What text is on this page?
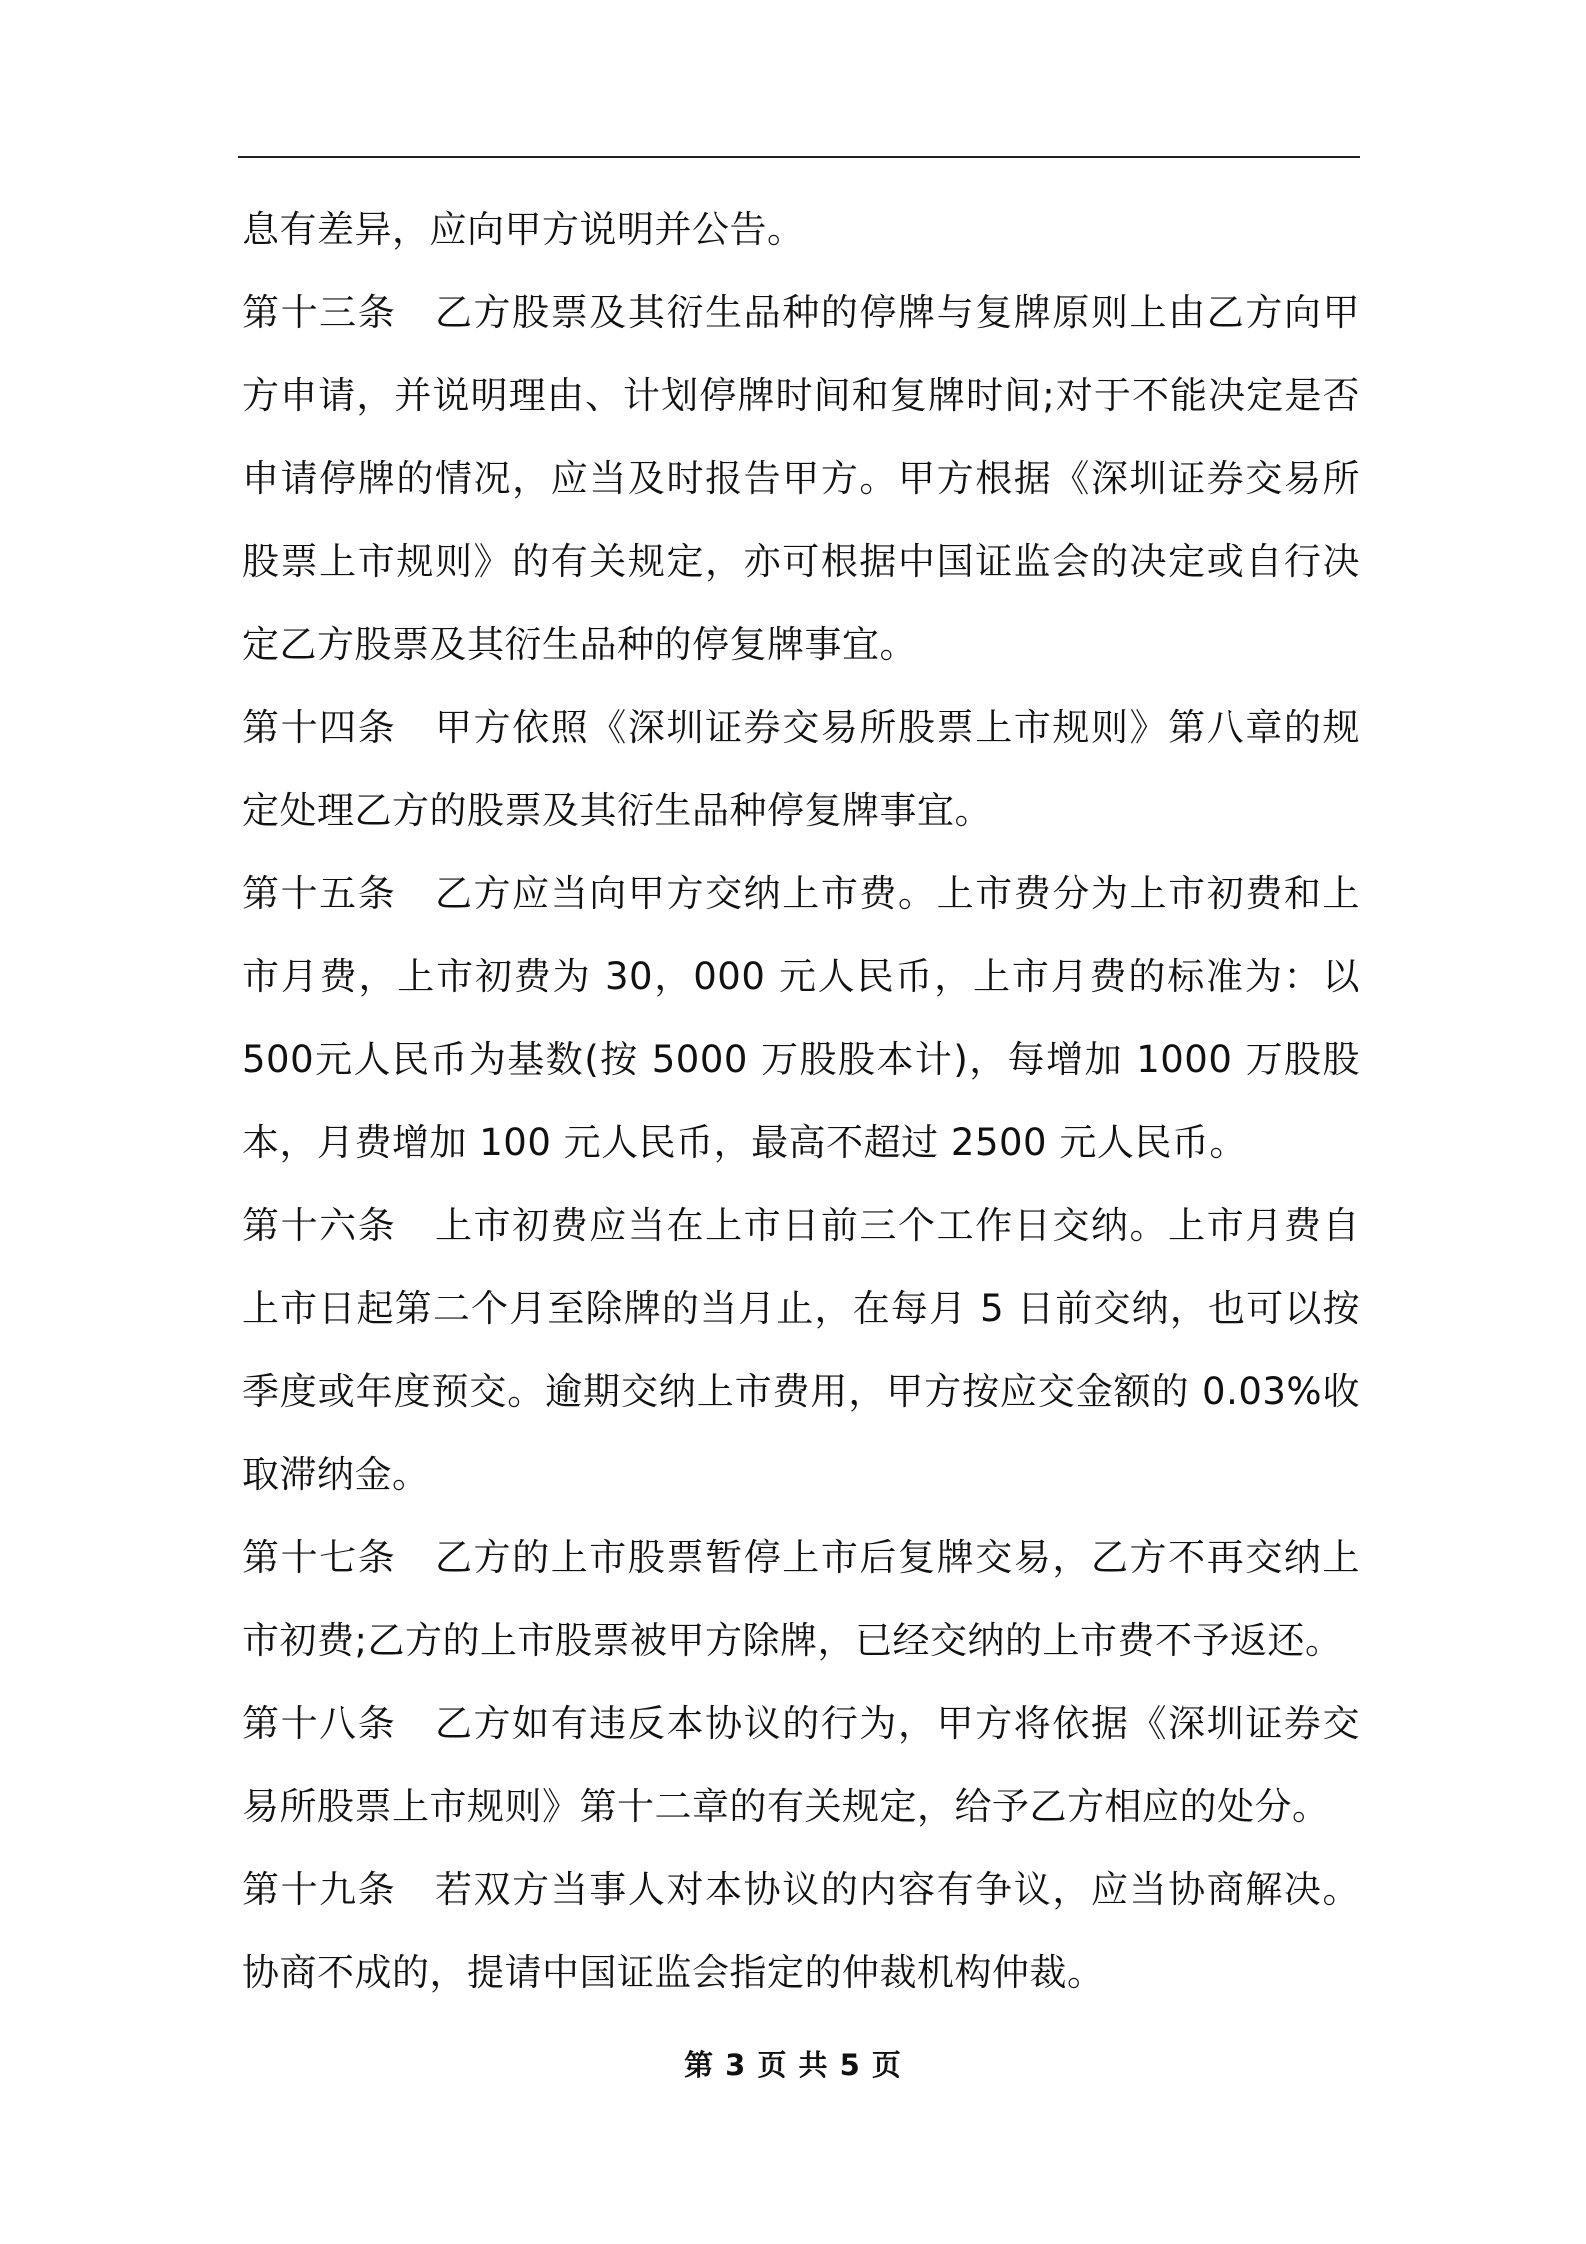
息有差异，应向甲方说明并公告。

第十三条　乙方股票及其衍生品种的停牌与复牌原则上由乙方向甲方申请，并说明理由、计划停牌时间和复牌时间;对于不能决定是否申请停牌的情况，应当及时报告甲方。甲方根据《深圳证券交易所股票上市规则》的有关规定，亦可根据中国证监会的决定或自行决定乙方股票及其衍生品种的停复牌事宜。

第十四条　甲方依照《深圳证券交易所股票上市规则》第八章的规定处理乙方的股票及其衍生品种停复牌事宜。

第十五条　乙方应当向甲方交纳上市费。上市费分为上市初费和上市月费，上市初费为 30，000 元人民币，上市月费的标准为：以 500元人民币为基数(按 5000 万股股本计)，每增加 1000 万股股本，月费增加 100 元人民币，最高不超过 2500 元人民币。

第十六条　上市初费应当在上市日前三个工作日交纳。上市月费自上市日起第二个月至除牌的当月止，在每月 5 日前交纳，也可以按季度或年度预交。逾期交纳上市费用，甲方按应交金额的 0.03%收取滞纳金。

第十七条　乙方的上市股票暂停上市后复牌交易，乙方不再交纳上市初费;乙方的上市股票被甲方除牌，已经交纳的上市费不予返还。

第十八条　乙方如有违反本协议的行为，甲方将依据《深圳证券交易所股票上市规则》第十二章的有关规定，给予乙方相应的处分。

第十九条　若双方当事人对本协议的内容有争议，应当协商解决。协商不成的，提请中国证监会指定的仲裁机构仲裁。

第 3 页 共 5 页
